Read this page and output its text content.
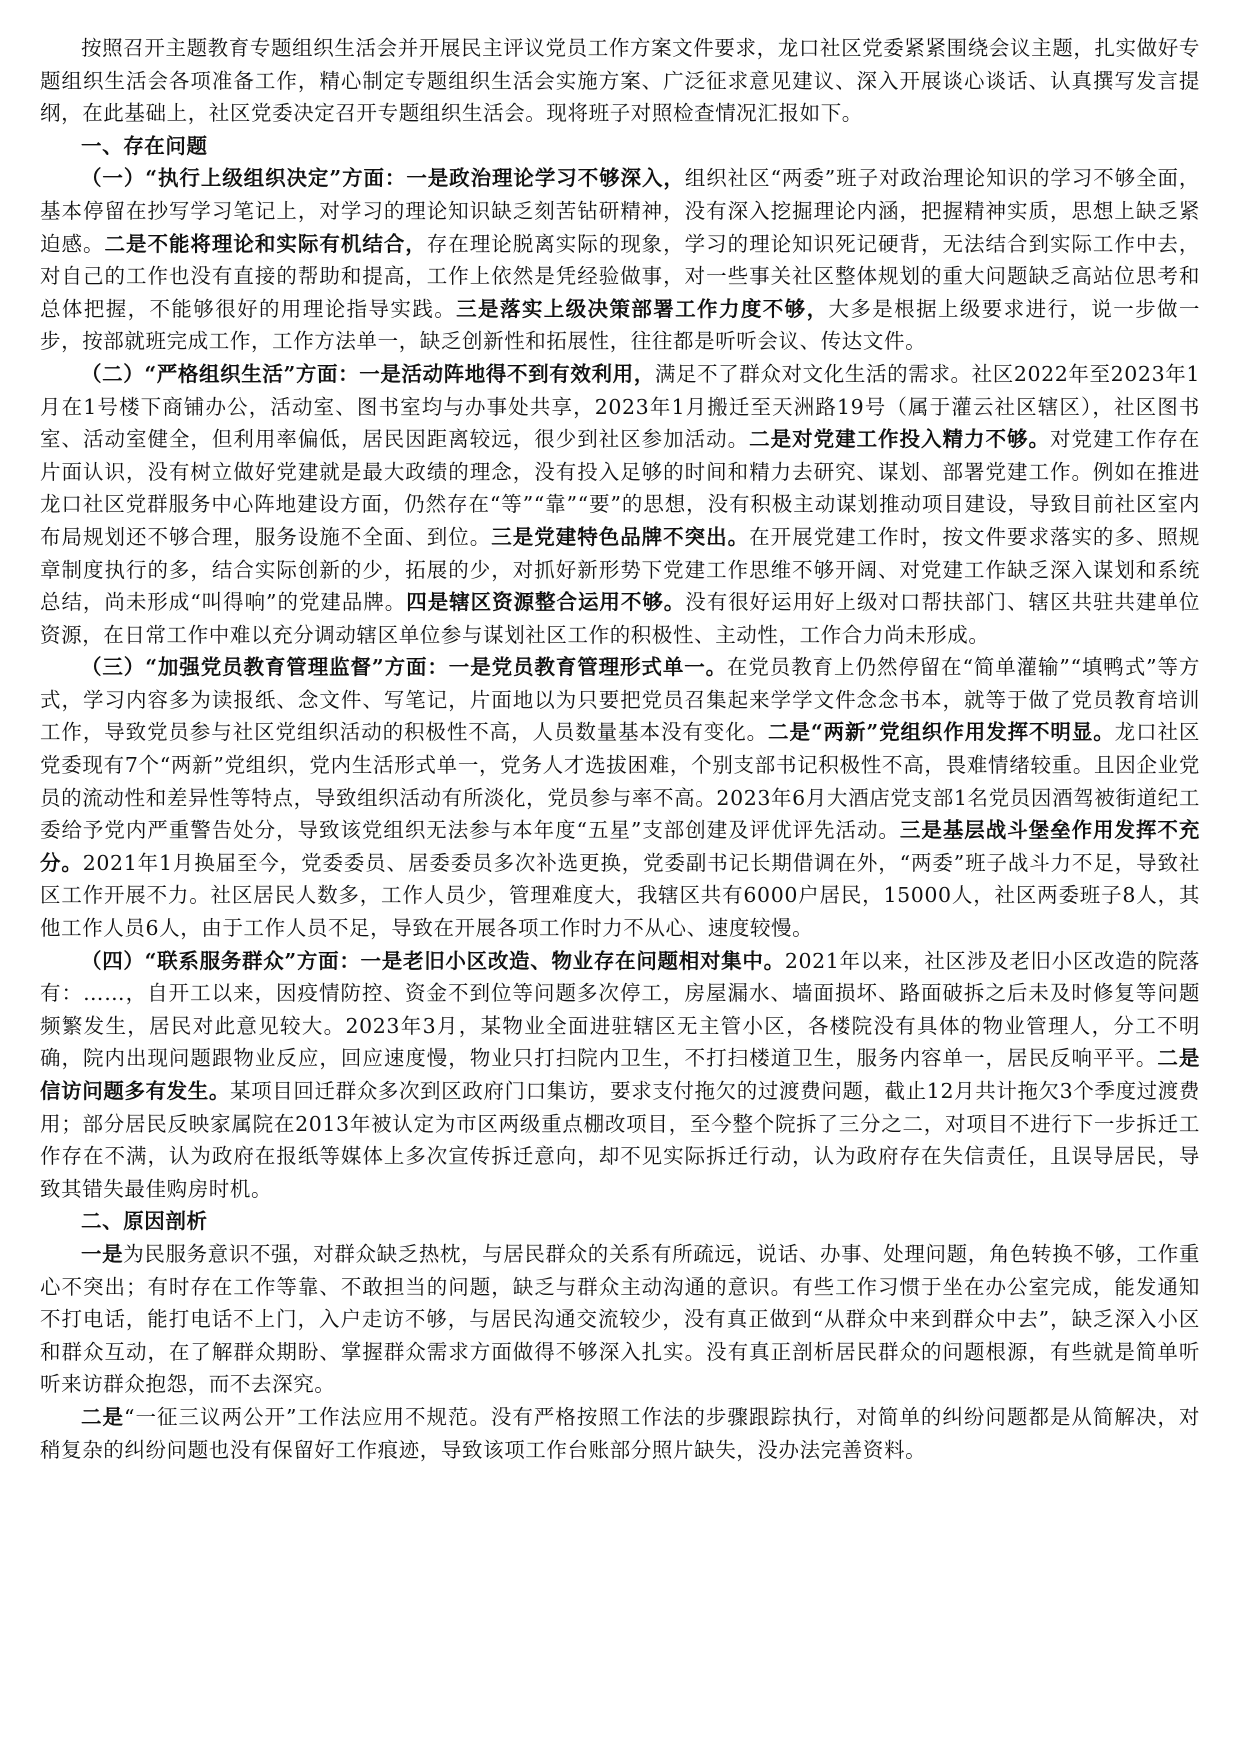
按照召开主题教育专题组织生活会并开展民主评议党员工作方案文件要求，龙口社区党委紧紧围绕会议主题，扎实做好专题组织生活会各项准备工作，精心制定专题组织生活会实施方案、广泛征求意见建议、深入开展谈心谈话、认真撰写发言提纲，在此基础上，社区党委决定召开专题组织生活会。现将班子对照检查情况汇报如下。

一、存在问题

（一）“执行上级组织决定”方面：一是政治理论学习不够深入，组织社区“两委”班子对政治理论知识的学习不够全面，基本停留在抄写学习笔记上，对学习的理论知识缺乏刻苦钻研精神，没有深入挖掘理论内涵，把握精神实质，思想上缺乏紧迫感。二是不能将理论和实际有机结合，存在理论脱离实际的现象，学习的理论知识死记硬背，无法结合到实际工作中去，对自己的工作也没有直接的帮助和提高，工作上依然是凭经验做事，对一些事关社区整体规划的重大问题缺乏高站位思考和总体把握，不能够很好的用理论指导实践。三是落实上级决策部署工作力度不够，大多是根据上级要求进行，说一步做一步，按部就班完成工作，工作方法单一，缺乏创新性和拓展性，往往都是听听会议、传达文件。

（二）“严格组织生活”方面：一是活动阵地得不到有效利用，满足不了群众对文化生活的需求。社区2022年至2023年1月在1号楼下商铺办公，活动室、图书室均与办事处共享，2023年1月搬迁至天洲路19号（属于灌云社区辖区），社区图书室、活动室健全，但利用率偏低，居民因距离较远，很少到社区参加活动。二是对党建工作投入精力不够。对党建工作存在片面认识，没有树立做好党建就是最大政绩的理念，没有投入足够的时间和精力去研究、谋划、部署党建工作。例如在推进龙口社区党群服务中心阵地建设方面，仍然存在“等”“靠”“要”的思想，没有积极主动谋划推动项目建设，导致目前社区室内布局规划还不够合理，服务设施不全面、到位。三是党建特色品牌不突出。在开展党建工作时，按文件要求落实的多、照规章制度执行的多，结合实际创新的少，拓展的少，对抓好新形势下党建工作思维不够开阔、对党建工作缺乏深入谋划和系统总结，尚未形成“叫得响”的党建品牌。四是辖区资源整合运用不够。没有很好运用好上级对口帮扶部门、辖区共驻共建单位资源，在日常工作中难以充分调动辖区单位参与谋划社区工作的积极性、主动性，工作合力尚未形成。

（三）“加强党员教育管理监督”方面：一是党员教育管理形式单一。在党员教育上仍然停留在“简单灌输”“填鸭式”等方式，学习内容多为读报纸、念文件、写笔记，片面地以为只要把党员召集起来学学文件念念书本，就等于做了党员教育培训工作，导致党员参与社区党组织活动的积极性不高，人员数量基本没有变化。二是“两新”党组织作用发挥不明显。龙口社区党委现有7个“两新”党组织，党内生活形式单一，党务人才选拔困难，个别支部书记积极性不高，畏难情绪较重。且因企业党员的流动性和差异性等特点，导致组织活动有所淡化，党员参与率不高。2023年6月大酒店党支部1名党员因酒驾被街道纪工委给予党内严重警告处分，导致该党组织无法参与本年度“五星”支部创建及评优评先活动。三是基层战斗堡垒作用发挥不充分。2021年1月换届至今，党委委员、居委委员多次补选更换，党委副书记长期借调在外，“两委”班子战斗力不足，导致社区工作开展不力。社区居民人数多，工作人员少，管理难度大，我辖区共有6000户居民，15000人，社区两委班子8人，其他工作人员6人，由于工作人员不足，导致在开展各项工作时力不从心、速度较慢。

（四）“联系服务群众”方面：一是老旧小区改造、物业存在问题相对集中。2021年以来，社区涉及老旧小区改造的院落有：……，自开工以来，因疫情防控、资金不到位等问题多次停工，房屋漏水、墙面损坏、路面破拆之后未及时修复等问题频繁发生，居民对此意见较大。2023年3月，某物业全面进驻辖区无主管小区，各楼院没有具体的物业管理人，分工不明确，院内出现问题跟物业反应，回应速度慢，物业只打扫院内卫生，不打扫楼道卫生，服务内容单一，居民反响平平。二是信访问题多有发生。某项目回迁群众多次到区政府门口集访，要求支付拖欠的过渡费问题，截止12月共计拖欠3个季度过渡费用；部分居民反映家属院在2013年被认定为市区两级重点棚改项目，至今整个院拆了三分之二，对项目不进行下一步拆迁工作存在不满，认为政府在报纸等媒体上多次宣传拆迁意向，却不见实际拆迁行动，认为政府存在失信责任，且误导居民，导致其错失最佳购房时机。

二、原因剖析

一是为民服务意识不强，对群众缺乏热枕，与居民群众的关系有所疏远，说话、办事、处理问题，角色转换不够，工作重心不突出；有时存在工作等靠、不敢担当的问题，缺乏与群众主动沟通的意识。有些工作习惯于坐在办公室完成，能发通知不打电话，能打电话不上门，入户走访不够，与居民沟通交流较少，没有真正做到“从群众中来到群众中去”，缺乏深入小区和群众互动，在了解群众期盼、掌握群众需求方面做得不够深入扎实。没有真正剖析居民群众的问题根源，有些就是简单听听来访群众抱怨，而不去深究。

二是“一征三议两公开”工作法应用不规范。没有严格按照工作法的步骤跟踪执行，对简单的纠纷问题都是从简解决，对稍复杂的纠纷问题也没有保留好工作痕迹，导致该项工作台账部分照片缺失，没办法完善资料。
